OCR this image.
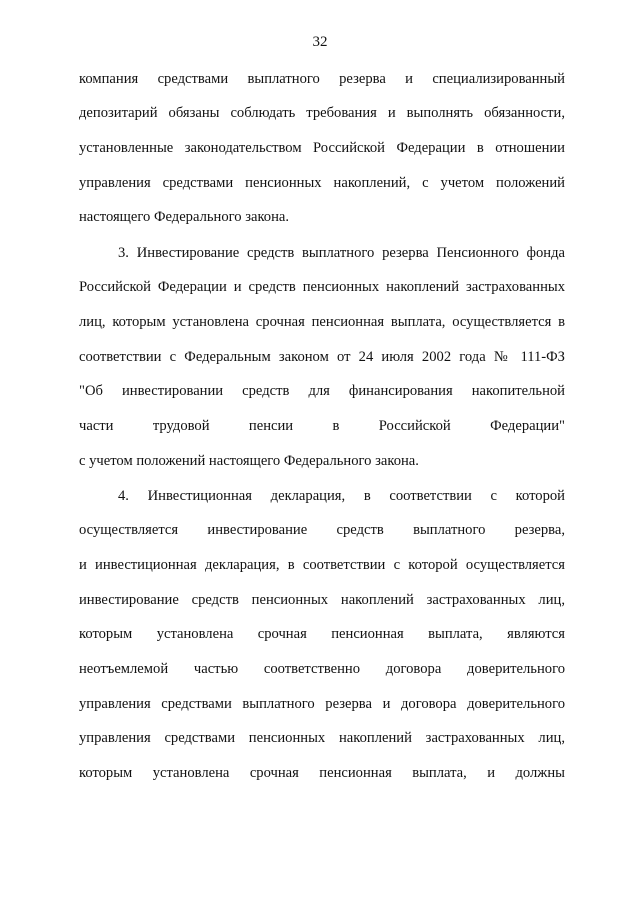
32
компания средствами выплатного резерва и специализированный
депозитарий обязаны соблюдать требования и выполнять обязанности,
установленные законодательством Российской Федерации в отношении
управления средствами пенсионных накоплений, с учетом положений
настоящего Федерального закона.
3. Инвестирование средств выплатного резерва Пенсионного фонда
Российской Федерации и средств пенсионных накоплений застрахованных
лиц, которым установлена срочная пенсионная выплата, осуществляется в
соответствии с Федеральным законом от 24 июля 2002 года № 111-ФЗ
"Об инвестировании средств для финансирования накопительной
части трудовой пенсии в Российской Федерации"
с учетом положений настоящего Федерального закона.
4. Инвестиционная декларация, в соответствии с которой
осуществляется инвестирование средств выплатного резерва,
и инвестиционная декларация, в соответствии с которой осуществляется
инвестирование средств пенсионных накоплений застрахованных лиц,
которым установлена срочная пенсионная выплата, являются
неотъемлемой частью соответственно договора доверительного
управления средствами выплатного резерва и договора доверительного
управления средствами пенсионных накоплений застрахованных лиц,
которым установлена срочная пенсионная выплата, и должны
